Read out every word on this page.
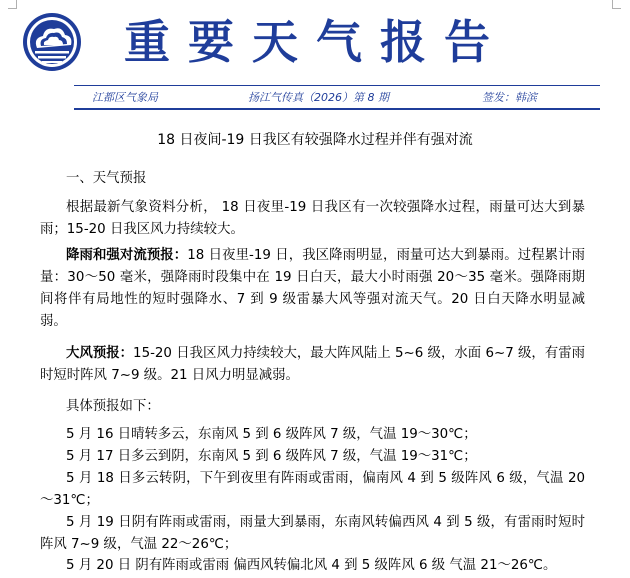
重要天气报告
江都区气象局	扬江气传真（2026）第 8 期	签发：韩滨
18 日夜间-19 日我区有较强降水过程并伴有强对流
一、天气预报
根据最新气象资料分析， 18 日夜里-19 日我区有一次较强降水过程，雨量可达大到暴雨；15-20 日我区风力持续较大。
降雨和强对流预报：18 日夜里-19 日，我区降雨明显，雨量可达大到暴雨。过程累计雨量：30～50 毫米，强降雨时段集中在 19 日白天，最大小时雨强 20～35 毫米。强降雨期间将伴有局地性的短时强降水、7 到 9 级雷暴大风等强对流天气。20 日白天降水明显减弱。
大风预报：15-20 日我区风力持续较大，最大阵风陆上 5~6 级，水面 6~7 级，有雷雨时短时阵风 7~9 级。21 日风力明显减弱。
具体预报如下：
5 月 16 日晴转多云，东南风 5 到 6 级阵风 7 级，气温 19～30℃；
5 月 17 日多云到阴，东南风 5 到 6 级阵风 7 级，气温 19～31℃；
5 月 18 日多云转阴，下午到夜里有阵雨或雷雨，偏南风 4 到 5 级阵风 6 级，气温 20～31℃；
5 月 19 日阴有阵雨或雷雨，雨量大到暴雨，东南风转偏西风 4 到 5 级，有雷雨时短时阵风 7~9 级，气温 22～26℃；
5 月 20 日 阴有阵雨或雷雨 偏西风转偏北风 4 到 5 级阵风 6 级 气温 21～26℃。
